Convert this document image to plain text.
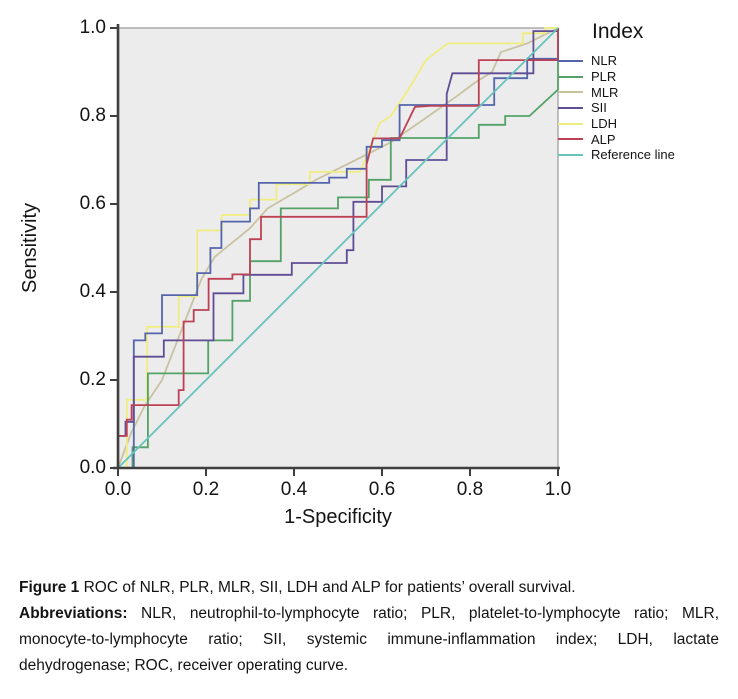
1.0
0.8
0.6
0.4
0.2
0.0
0.0	0.2	0.4	0.6	0.8	1.0
Sensitivity
1-Specificity
Index
NLR
PLR
MLR
SII
LDH
ALP
Reference line

Figure 1 ROC of NLR, PLR, MLR, SII, LDH and ALP for patients’ overall survival.

Abbreviations: NLR, neutrophil-to-lymphocyte ratio; PLR, platelet-to-lymphocyte ratio; MLR, monocyte-to-lymphocyte ratio; SII, systemic immune-inflammation index; LDH, lactate dehydrogenase; ROC, receiver operating curve.
